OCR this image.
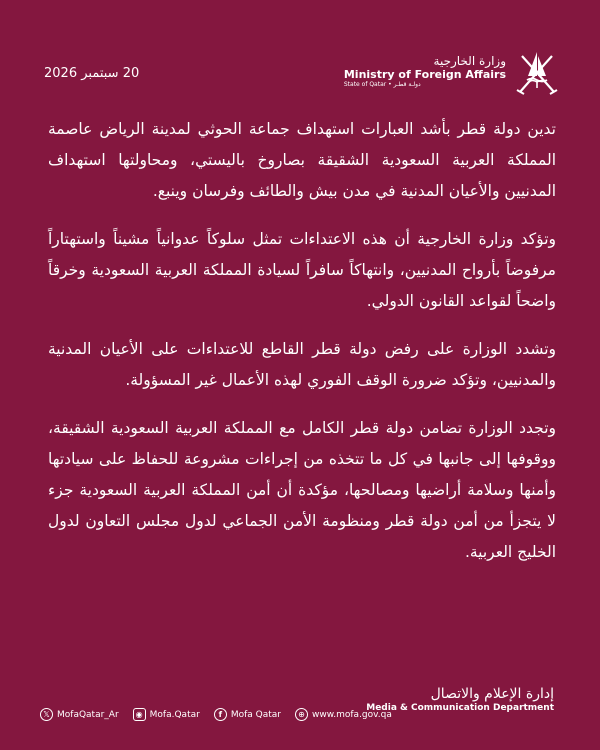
20 سبتمبر 2026
وزارة الخارجية
Ministry of Foreign Affairs
State of Qatar • دولـة قطـر

تدين دولة قطر بأشد العبارات استهداف جماعة الحوثي لمدينة الرياض عاصمة المملكة العربية السعودية الشقيقة بصاروخ باليستي، ومحاولتها استهداف المدنيين والأعيان المدنية في مدن بيش والطائف وفرسان وينبع.

وتؤكد وزارة الخارجية أن هذه الاعتداءات تمثل سلوكاً عدوانياً مشيناً واستهتاراً مرفوضاً بأرواح المدنيين، وانتهاكاً سافراً لسيادة المملكة العربية السعودية وخرقاً واضحاً لقواعد القانون الدولي.

وتشدد الوزارة على رفض دولة قطر القاطع للاعتداءات على الأعيان المدنية والمدنيين، وتؤكد ضرورة الوقف الفوري لهذه الأعمال غير المسؤولة.

وتجدد الوزارة تضامن دولة قطر الكامل مع المملكة العربية السعودية الشقيقة، ووقوفها إلى جانبها في كل ما تتخذه من إجراءات مشروعة للحفاظ على سيادتها وأمنها وسلامة أراضيها ومصالحها، مؤكدة أن أمن المملكة العربية السعودية جزء لا يتجزأ من أمن دولة قطر ومنظومة الأمن الجماعي لدول مجلس التعاون لدول الخليج العربية.

إدارة الإعلام والاتصال
Media & Communication Department
𝕏 MofaQatar_Ar	◉ Mofa.Qatar	f Mofa Qatar	⊕ www.mofa.gov.qa
